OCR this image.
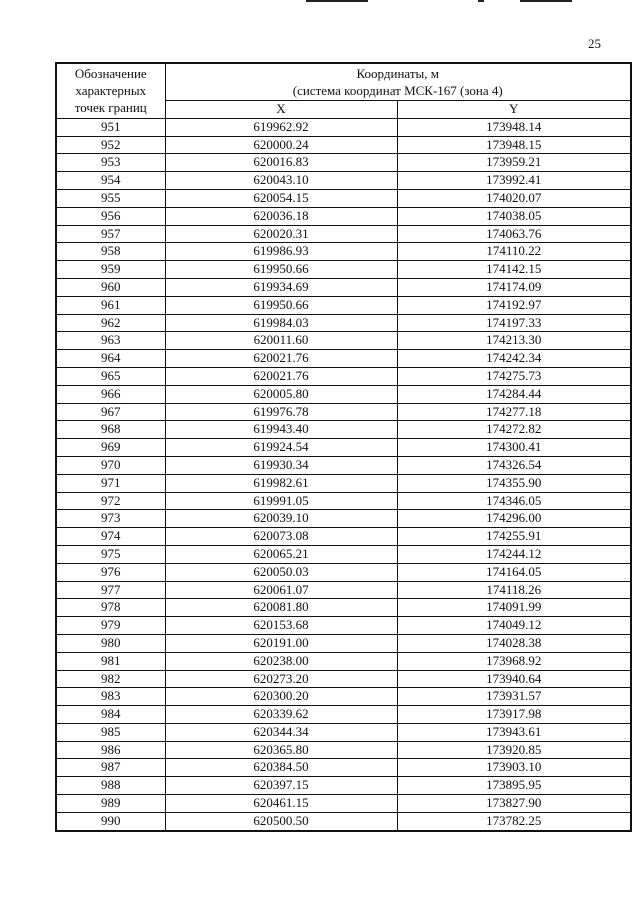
25
Обозначение характерных точек границ	Координаты, м
(система координат МСК-167 (зона 4)	

	X	Y
951	619962.92	173948.14
952	620000.24	173948.15
953	620016.83	173959.21
954	620043.10	173992.41
955	620054.15	174020.07
956	620036.18	174038.05
957	620020.31	174063.76
958	619986.93	174110.22
959	619950.66	174142.15
960	619934.69	174174.09
961	619950.66	174192.97
962	619984.03	174197.33
963	620011.60	174213.30
964	620021.76	174242.34
965	620021.76	174275.73
966	620005.80	174284.44
967	619976.78	174277.18
968	619943.40	174272.82
969	619924.54	174300.41
970	619930.34	174326.54
971	619982.61	174355.90
972	619991.05	174346.05
973	620039.10	174296.00
974	620073.08	174255.91
975	620065.21	174244.12
976	620050.03	174164.05
977	620061.07	174118.26
978	620081.80	174091.99
979	620153.68	174049.12
980	620191.00	174028.38
981	620238.00	173968.92
982	620273.20	173940.64
983	620300.20	173931.57
984	620339.62	173917.98
985	620344.34	173943.61
986	620365.80	173920.85
987	620384.50	173903.10
988	620397.15	173895.95
989	620461.15	173827.90
990	620500.50	173782.25
